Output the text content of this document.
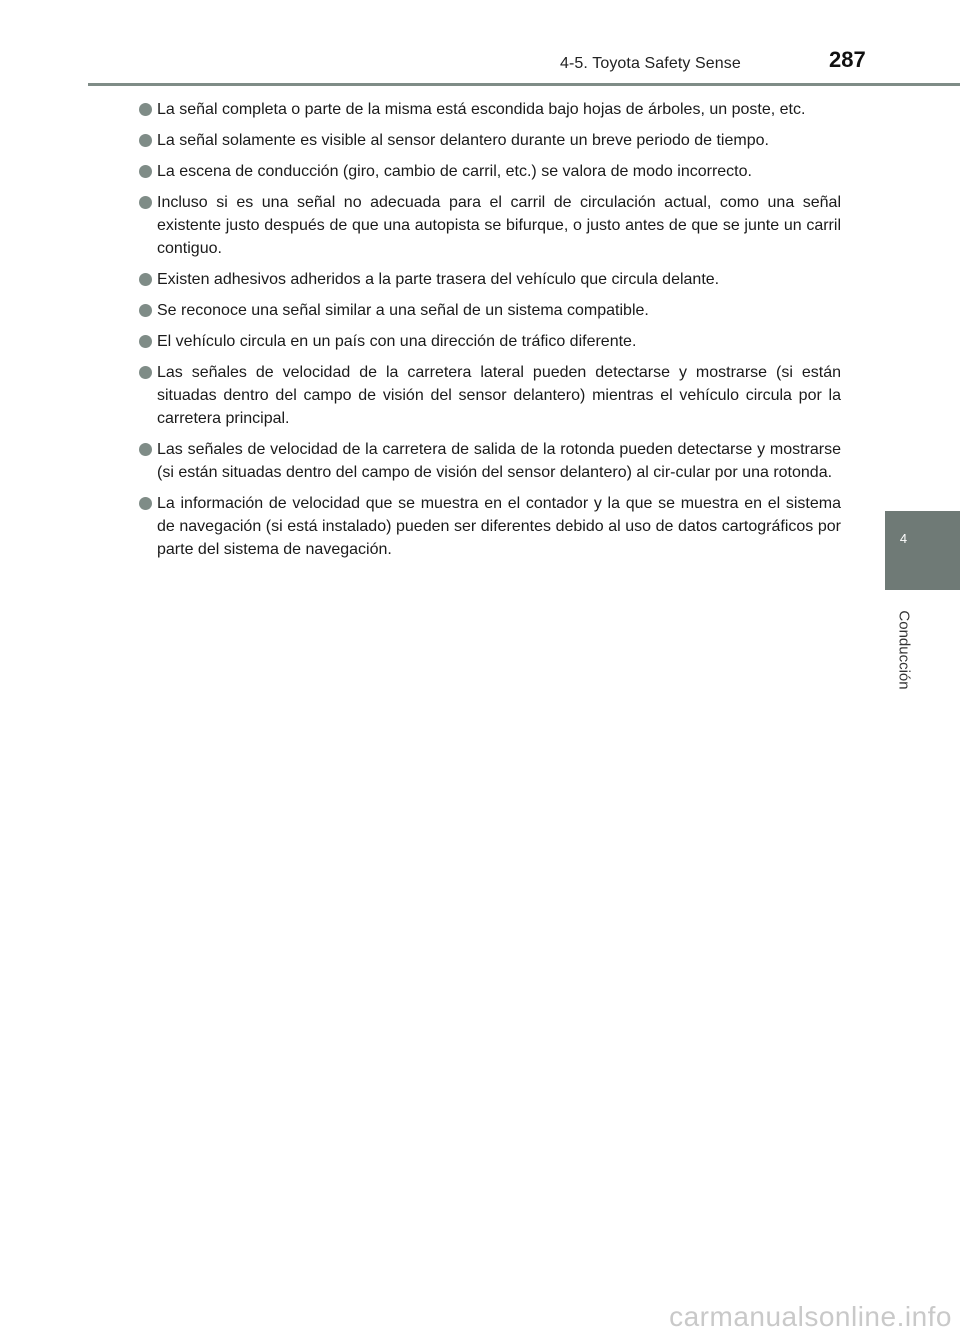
4-5. Toyota Safety Sense	287
4
Conducción
La señal completa o parte de la misma está escondida bajo hojas de árboles, un poste, etc.
La señal solamente es visible al sensor delantero durante un breve periodo de tiempo.
La escena de conducción (giro, cambio de carril, etc.) se valora de modo incorrecto.
Incluso si es una señal no adecuada para el carril de circulación actual, como una señal existente justo después de que una autopista se bifurque, o justo antes de que se junte un carril contiguo.
Existen adhesivos adheridos a la parte trasera del vehículo que circula delante.
Se reconoce una señal similar a una señal de un sistema compatible.
El vehículo circula en un país con una dirección de tráfico diferente.
Las señales de velocidad de la carretera lateral pueden detectarse y mostrarse (si están situadas dentro del campo de visión del sensor delantero) mientras el vehículo circula por la carretera principal.
Las señales de velocidad de la carretera de salida de la rotonda pueden detectarse y mostrarse (si están situadas dentro del campo de visión del sensor delantero) al cir-cular por una rotonda.
La información de velocidad que se muestra en el contador y la que se muestra en el sistema de navegación (si está instalado) pueden ser diferentes debido al uso de datos cartográficos por parte del sistema de navegación.
carmanualsonline.info
